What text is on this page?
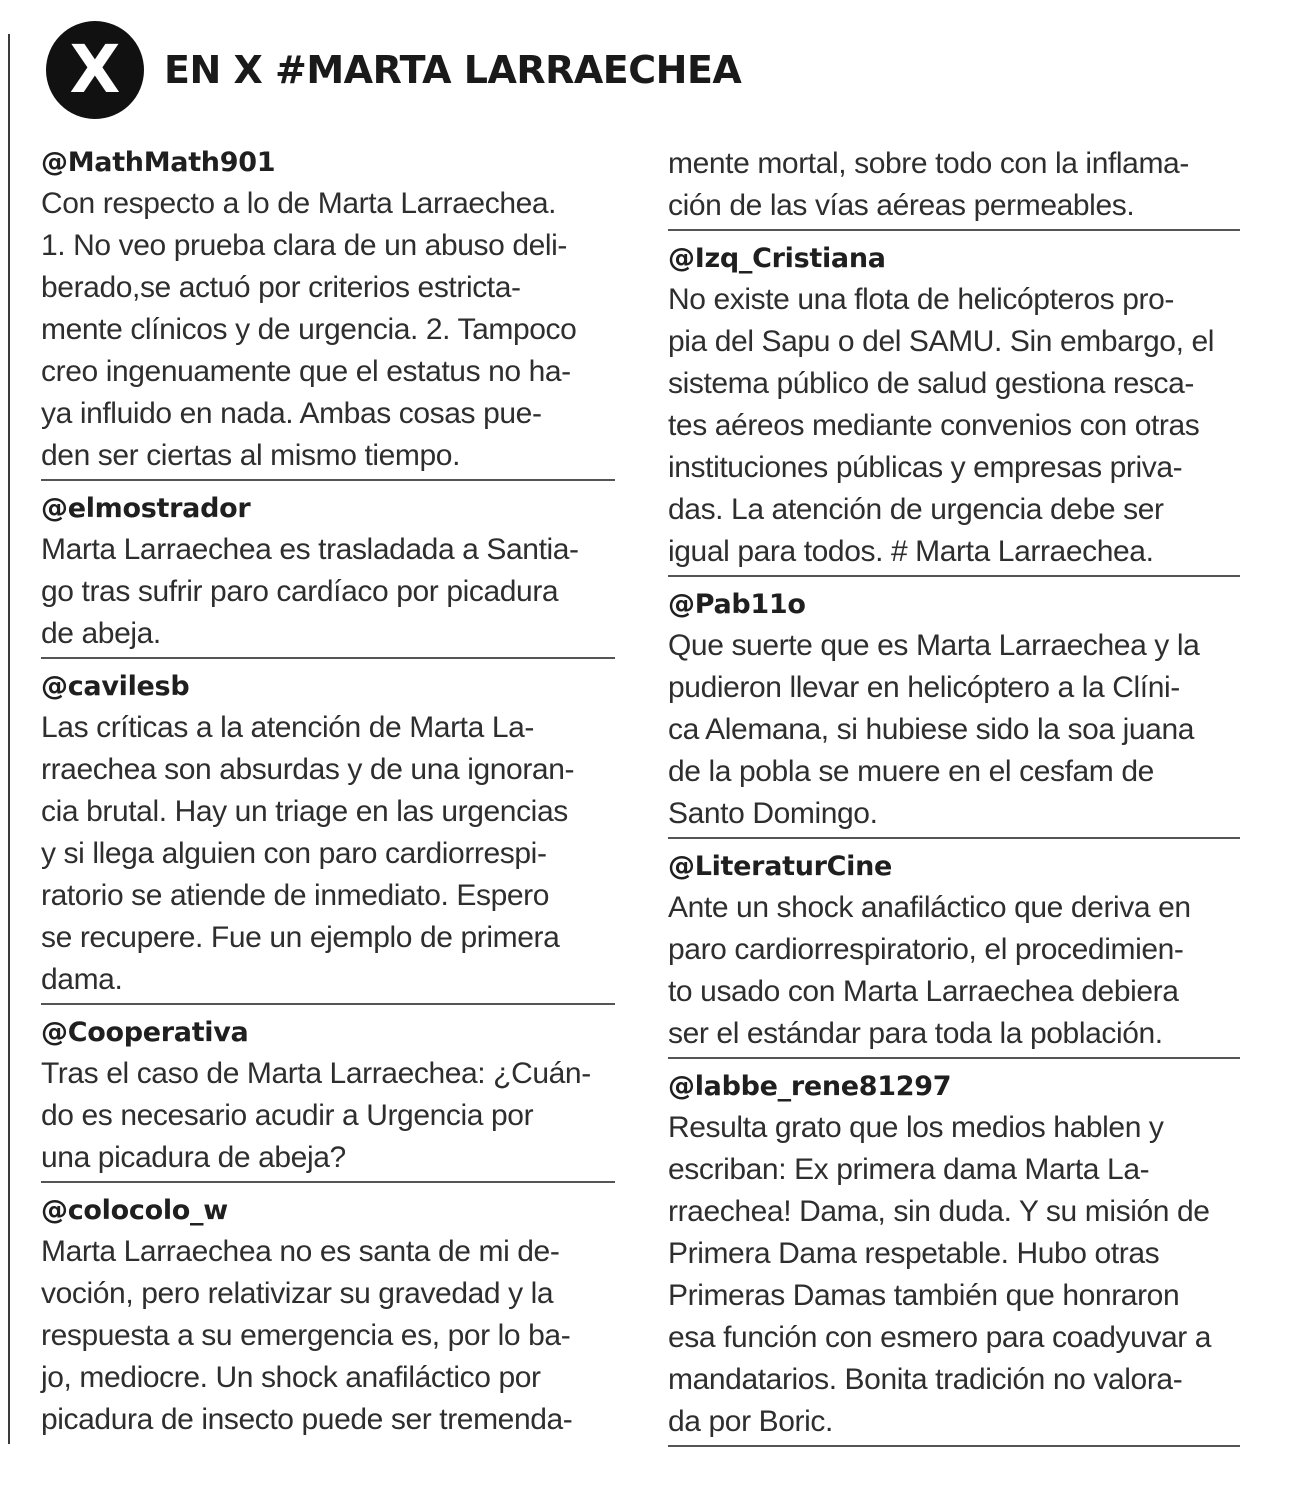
X EN X #MARTA LARRAECHEA
@MathMath901
Con respecto a lo de Marta Larraechea.
1. No veo prueba clara de un abuso deli-
berado,se actuó por criterios estricta-
mente clínicos y de urgencia. 2. Tampoco
creo ingenuamente que el estatus no ha-
ya influido en nada. Ambas cosas pue-
den ser ciertas al mismo tiempo.
@elmostrador
Marta Larraechea es trasladada a Santia-
go tras sufrir paro cardíaco por picadura
de abeja.
@cavilesb
Las críticas a la atención de Marta La-
rraechea son absurdas y de una ignoran-
cia brutal. Hay un triage en las urgencias
y si llega alguien con paro cardiorrespi-
ratorio se atiende de inmediato. Espero
se recupere. Fue un ejemplo de primera
dama.
@Cooperativa
Tras el caso de Marta Larraechea: ¿Cuán-
do es necesario acudir a Urgencia por
una picadura de abeja?
@colocolo_w
Marta Larraechea no es santa de mi de-
voción, pero relativizar su gravedad y la
respuesta a su emergencia es, por lo ba-
jo, mediocre. Un shock anafiláctico por
picadura de insecto puede ser tremenda-
mente mortal, sobre todo con la inflama-
ción de las vías aéreas permeables.
@Izq_Cristiana
No existe una flota de helicópteros pro-
pia del Sapu o del SAMU. Sin embargo, el
sistema público de salud gestiona resca-
tes aéreos mediante convenios con otras
instituciones públicas y empresas priva-
das. La atención de urgencia debe ser
igual para todos. # Marta Larraechea.
@Pab11o
Que suerte que es Marta Larraechea y la
pudieron llevar en helicóptero a la Clíni-
ca Alemana, si hubiese sido la soa juana
de la pobla se muere en el cesfam de
Santo Domingo.
@LiteraturCine
Ante un shock anafiláctico que deriva en
paro cardiorrespiratorio, el procedimien-
to usado con Marta Larraechea debiera
ser el estándar para toda la población.
@labbe_rene81297
Resulta grato que los medios hablen y
escriban: Ex primera dama Marta La-
rraechea! Dama, sin duda. Y su misión de
Primera Dama respetable. Hubo otras
Primeras Damas también que honraron
esa función con esmero para coadyuvar a
mandatarios. Bonita tradición no valora-
da por Boric.
